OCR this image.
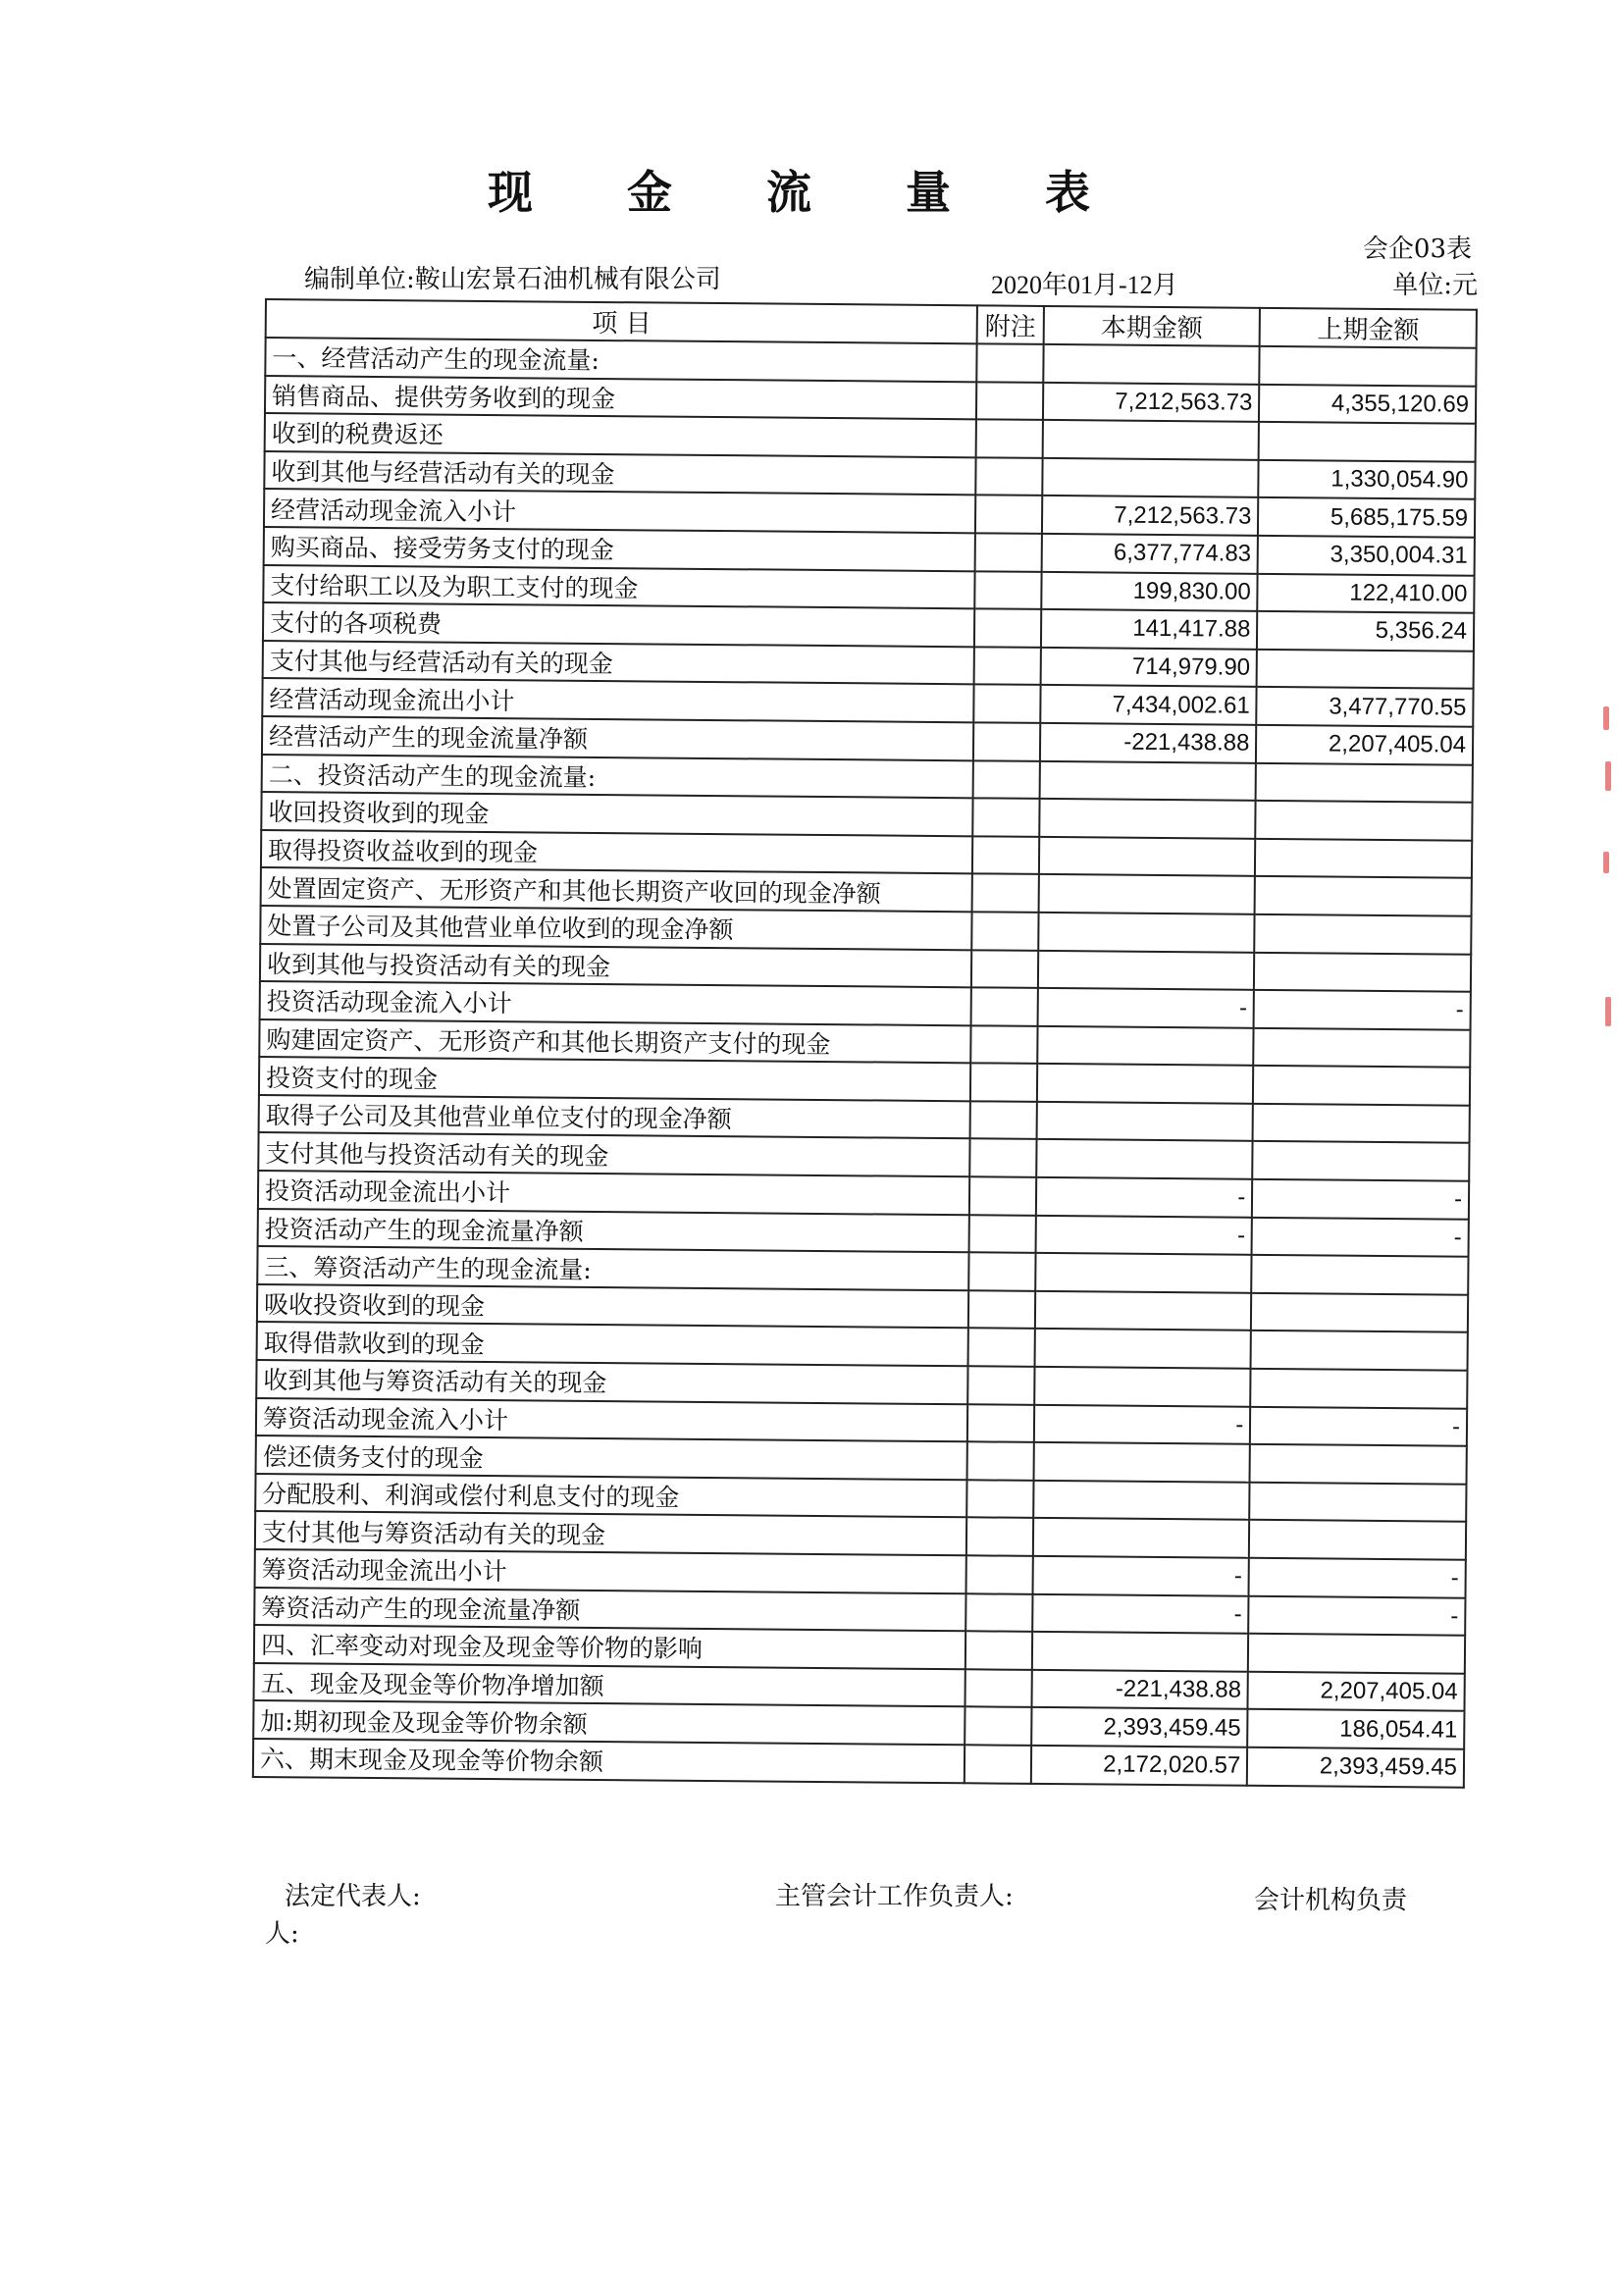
现 金 流 量 表
会企03表
编制单位:鞍山宏景石油机械有限公司	2020年01月-12月	单位:元
项 目	附注	本期金额	上期金额
一、经营活动产生的现金流量:			
销售商品、提供劳务收到的现金		7,212,563.73	4,355,120.69
收到的税费返还			
收到其他与经营活动有关的现金			1,330,054.90
经营活动现金流入小计		7,212,563.73	5,685,175.59
购买商品、接受劳务支付的现金		6,377,774.83	3,350,004.31
支付给职工以及为职工支付的现金		199,830.00	122,410.00
支付的各项税费		141,417.88	5,356.24
支付其他与经营活动有关的现金		714,979.90	
经营活动现金流出小计		7,434,002.61	3,477,770.55
经营活动产生的现金流量净额		-221,438.88	2,207,405.04
二、投资活动产生的现金流量:			
收回投资收到的现金			
取得投资收益收到的现金			
处置固定资产、无形资产和其他长期资产收回的现金净额			
处置子公司及其他营业单位收到的现金净额			
收到其他与投资活动有关的现金			
投资活动现金流入小计		-	-
购建固定资产、无形资产和其他长期资产支付的现金			
投资支付的现金			
取得子公司及其他营业单位支付的现金净额			
支付其他与投资活动有关的现金			
投资活动现金流出小计		-	-
投资活动产生的现金流量净额		-	-
三、筹资活动产生的现金流量:			
吸收投资收到的现金			
取得借款收到的现金			
收到其他与筹资活动有关的现金			
筹资活动现金流入小计		-	-
偿还债务支付的现金			
分配股利、利润或偿付利息支付的现金			
支付其他与筹资活动有关的现金			
筹资活动现金流出小计		-	-
筹资活动产生的现金流量净额		-	-
四、汇率变动对现金及现金等价物的影响			
五、现金及现金等价物净增加额		-221,438.88	2,207,405.04
加:期初现金及现金等价物余额		2,393,459.45	186,054.41
六、期末现金及现金等价物余额		2,172,020.57	2,393,459.45
法定代表人:	主管会计工作负责人:	会计机构负责
人:
